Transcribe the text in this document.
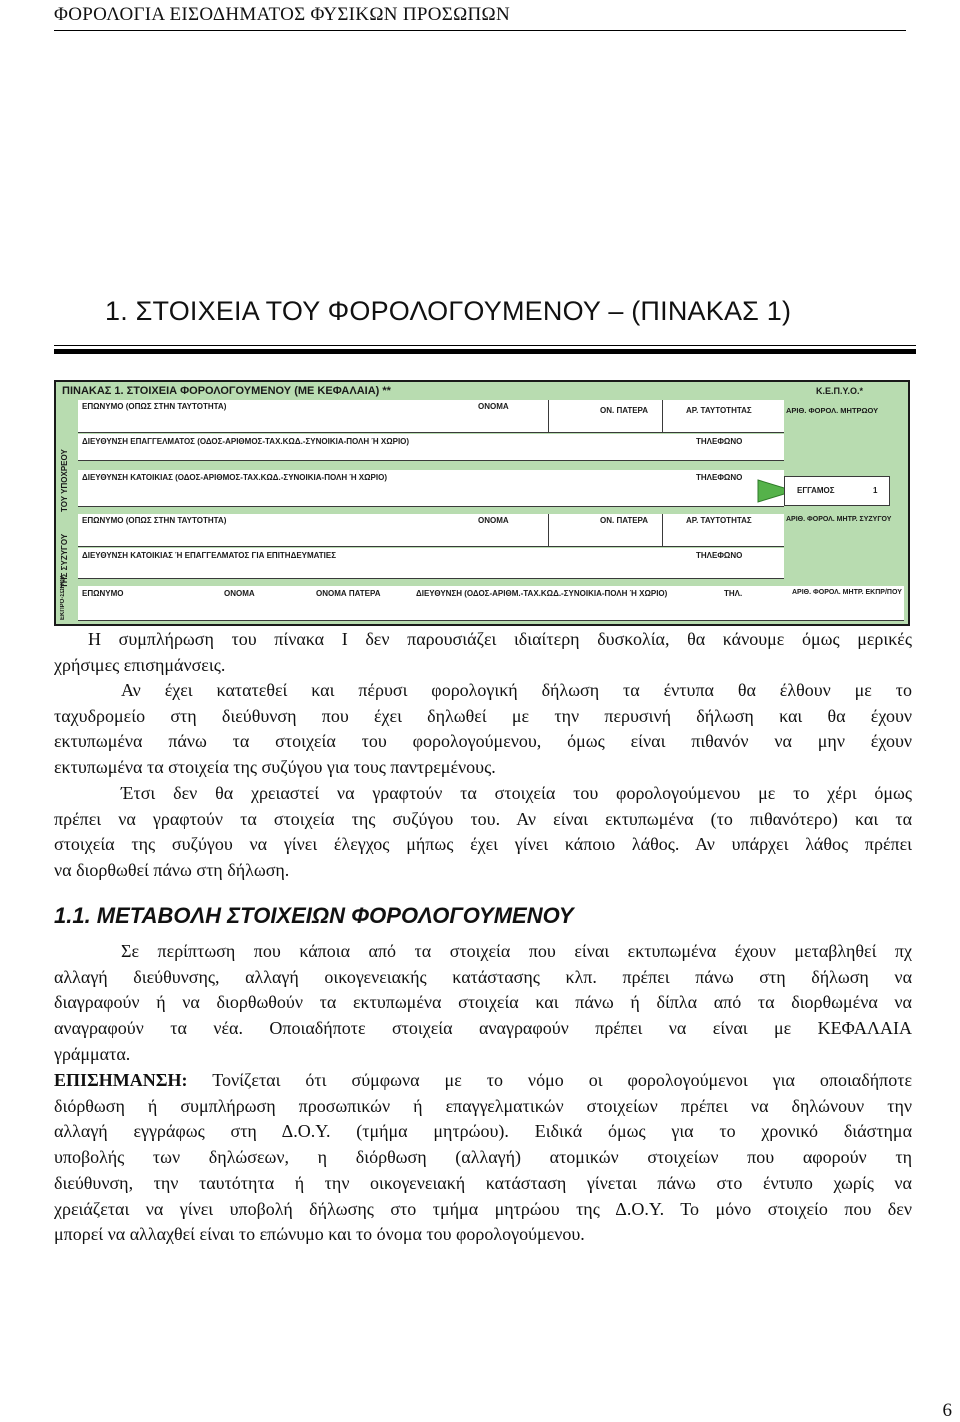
ΦΟΡΟΛΟΓΙΑ ΕΙΣΟΔΗΜΑΤΟΣ ΦΥΣΙΚΩΝ ΠΡΟΣΩΠΩΝ
1. ΣΤΟΙΧΕΙΑ ΤΟΥ ΦΟΡΟΛΟΓΟΥΜΕΝΟΥ – (ΠΙΝΑΚΑΣ 1)
ΠΙΝΑΚΑΣ 1. ΣΤΟΙΧΕΙΑ ΦΟΡΟΛΟΓΟΥΜΕΝΟΥ (ΜΕ ΚΕΦΑΛΑΙΑ) **	Κ.Ε.Π.Υ.Ο.*
ΤΟΥ ΥΠΟΧΡΕΟΥ
ΤΗΣ ΣΥΖΥΓΟΥ
ΕΚΠΡΟ-ΣΩΠΟΥ
ΕΠΩΝΥΜΟ (ΟΠΩΣ ΣΤΗΝ ΤΑΥΤΟΤΗΤΑ)	ΟΝΟΜΑ	ΟΝ. ΠΑΤΕΡΑ	ΑΡ. ΤΑΥΤΟΤΗΤΑΣ	ΑΡΙΘ. ΦΟΡΟΛ. ΜΗΤΡΩΟΥ
ΔΙΕΥΘΥΝΣΗ ΕΠΑΓΓΕΛΜΑΤΟΣ (ΟΔΟΣ-ΑΡΙΘΜΟΣ-ΤΑΧ.ΚΩΔ.-ΣΥΝΟΙΚΙΑ-ΠΟΛΗ Ή ΧΩΡΙΟ)	ΤΗΛΕΦΩΝΟ
ΔΙΕΥΘΥΝΣΗ ΚΑΤΟΙΚΙΑΣ (ΟΔΟΣ-ΑΡΙΘΜΟΣ-ΤΑΧ.ΚΩΔ.-ΣΥΝΟΙΚΙΑ-ΠΟΛΗ Ή ΧΩΡΙΟ)	ΤΗΛΕΦΩΝΟ
ΕΓΓΑΜΟΣ	1
ΕΠΩΝΥΜΟ (ΟΠΩΣ ΣΤΗΝ ΤΑΥΤΟΤΗΤΑ)	ΟΝΟΜΑ	ΟΝ. ΠΑΤΕΡΑ	ΑΡ. ΤΑΥΤΟΤΗΤΑΣ	ΑΡΙΘ. ΦΟΡΟΛ. ΜΗΤΡ. ΣΥΖΥΓΟΥ
ΔΙΕΥΘΥΝΣΗ ΚΑΤΟΙΚΙΑΣ Ή ΕΠΑΓΓΕΛΜΑΤΟΣ ΓΙΑ ΕΠΙΤΗΔΕΥΜΑΤΙΕΣ	ΤΗΛΕΦΩΝΟ
ΕΠΩΝΥΜΟ	ΟΝΟΜΑ	ΟΝΟΜΑ ΠΑΤΕΡΑ	ΔΙΕΥΘΥΝΣΗ (ΟΔΟΣ-ΑΡΙΘΜ.-ΤΑΧ.ΚΩΔ.-ΣΥΝΟΙΚΙΑ-ΠΟΛΗ Ή ΧΩΡΙΟ)	ΤΗΛ.	ΑΡΙΘ. ΦΟΡΟΛ. ΜΗΤΡ. ΕΚΠΡ/ΠΟΥ
Η συμπλήρωση του πίνακα Ι δεν παρουσιάζει ιδιαίτερη δυσκολία, θα κάνουμε όμως μερικές
χρήσιμες επισημάνσεις.
Αν έχει κατατεθεί και πέρυσι φορολογική δήλωση τα έντυπα θα έλθουν με το
ταχυδρομείο στη διεύθυνση που έχει δηλωθεί με την περυσινή δήλωση και θα έχουν
εκτυπωμένα πάνω τα στοιχεία του φορολογούμενου, όμως είναι πιθανόν να μην έχουν
εκτυπωμένα τα στοιχεία της συζύγου για τους παντρεμένους.
Έτσι δεν θα χρειαστεί να γραφτούν τα στοιχεία του φορολογούμενου με το χέρι όμως
πρέπει να γραφτούν τα στοιχεία της συζύγου του. Αν είναι εκτυπωμένα (το πιθανότερο) και τα
στοιχεία της συζύγου να γίνει έλεγχος μήπως έχει γίνει κάποιο λάθος. Αν υπάρχει λάθος πρέπει
να διορθωθεί πάνω στη δήλωση.
1.1. ΜΕΤΑΒΟΛΗ ΣΤΟΙΧΕΙΩΝ ΦΟΡΟΛΟΓΟΥΜΕΝΟΥ
Σε περίπτωση που κάποια από τα στοιχεία που είναι εκτυπωμένα έχουν μεταβληθεί πχ
αλλαγή διεύθυνσης, αλλαγή οικογενειακής κατάστασης κλπ. πρέπει πάνω στη δήλωση να
διαγραφούν ή να διορθωθούν τα εκτυπωμένα στοιχεία και πάνω ή δίπλα από τα διορθωμένα να
αναγραφούν τα νέα. Οποιαδήποτε στοιχεία αναγραφούν πρέπει να είναι με ΚΕΦΑΛΑΙΑ
γράμματα.
ΕΠΙΣΗΜΑΝΣΗ: Τονίζεται ότι σύμφωνα με το νόμο οι φορολογούμενοι για οποιαδήποτε
διόρθωση ή συμπλήρωση προσωπικών ή επαγγελματικών στοιχείων πρέπει να δηλώνουν την
αλλαγή εγγράφως στη Δ.Ο.Υ. (τμήμα μητρώου). Ειδικά όμως για το χρονικό διάστημα
υποβολής των δηλώσεων, η διόρθωση (αλλαγή) ατομικών στοιχείων που αφορούν τη
διεύθυνση, την ταυτότητα ή την οικογενειακή κατάσταση γίνεται πάνω στο έντυπο χωρίς να
χρειάζεται να γίνει υποβολή δήλωσης στο τμήμα μητρώου της Δ.Ο.Υ. Το μόνο στοιχείο που δεν
μπορεί να αλλαχθεί είναι το επώνυμο και το όνομα του φορολογούμενου.
6
